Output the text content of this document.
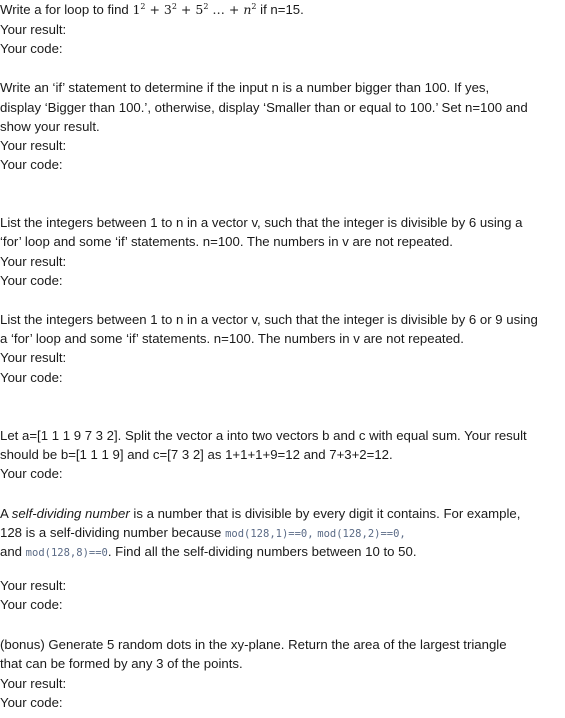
Write a for loop to find $1^2 + 3^2 + 5^2$ … + $n^2$ if n=15.
Your result:
Your code:
Write an ‘if’ statement to determine if the input n is a number bigger than 100. If yes,
display ‘Bigger than 100.’, otherwise, display ‘Smaller than or equal to 100.’ Set n=100 and
show your result.
Your result:
Your code:
List the integers between 1 to n in a vector v, such that the integer is divisible by 6 using a
‘for’ loop and some ‘if’ statements. n=100. The numbers in v are not repeated.
Your result:
Your code:
List the integers between 1 to n in a vector v, such that the integer is divisible by 6 or 9 using
a ‘for’ loop and some ‘if’ statements. n=100. The numbers in v are not repeated.
Your result:
Your code:
Let a=[1 1 1 9 7 3 2]. Split the vector a into two vectors b and c with equal sum. Your result
should be b=[1 1 1 9] and c=[7 3 2] as 1+1+1+9=12 and 7+3+2=12.
Your code:
A self-dividing number is a number that is divisible by every digit it contains. For example,
128 is a self-dividing number because mod(128,1)==0, mod(128,2)==0,
and mod(128,8)==0. Find all the self-dividing numbers between 10 to 50.
Your result:
Your code:
(bonus) Generate 5 random dots in the xy-plane. Return the area of the largest triangle
that can be formed by any 3 of the points.
Your result:
Your code:
